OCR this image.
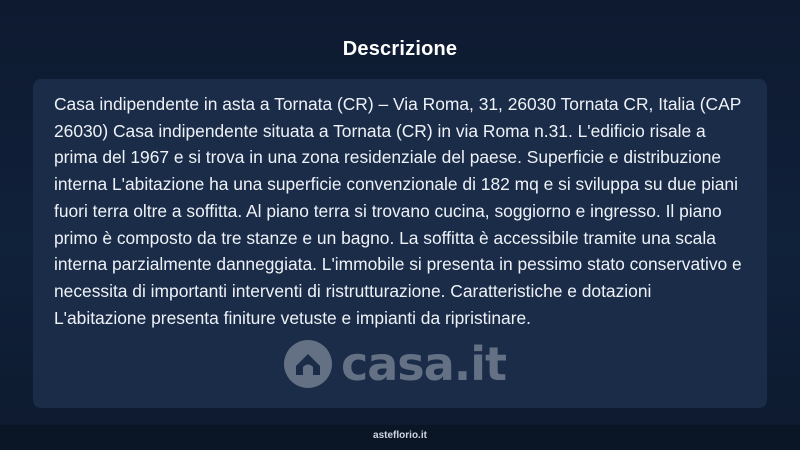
Descrizione

Casa indipendente in asta a Tornata (CR) – Via Roma, 31, 26030 Tornata CR, Italia (CAP 26030) Casa indipendente situata a Tornata (CR) in via Roma n.31. L'edificio risale a prima del 1967 e si trova in una zona residenziale del paese. Superficie e distribuzione interna L'abitazione ha una superficie convenzionale di 182 mq e si sviluppa su due piani fuori terra oltre a soffitta. Al piano terra si trovano cucina, soggiorno e ingresso. Il piano primo è composto da tre stanze e un bagno. La soffitta è accessibile tramite una scala interna parzialmente danneggiata. L'immobile si presenta in pessimo stato conservativo e necessita di importanti interventi di ristrutturazione. Caratteristiche e dotazioni L'abitazione presenta finiture vetuste e impianti da ripristinare.

casa.it
asteflorio.it
